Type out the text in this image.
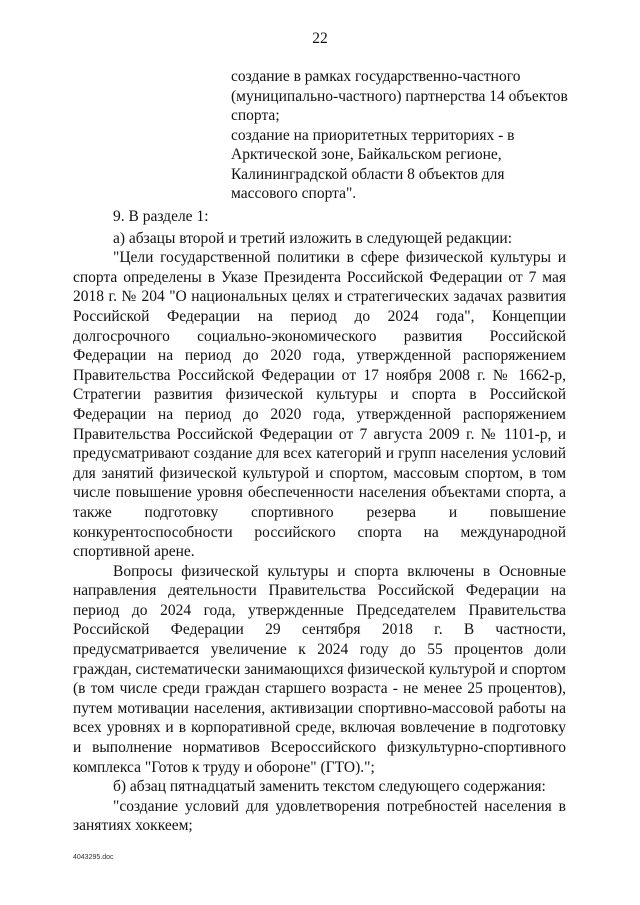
22
создание в рамках государственно-частного
(муниципально-частного) партнерства 14 объектов
спорта;
создание на приоритетных территориях - в
Арктической зоне, Байкальском регионе,
Калининградской области 8 объектов для
массового спорта".

9. В разделе 1:

а) абзацы второй и третий изложить в следующей редакции:

"Цели государственной политики в сфере физической культуры и спорта определены в Указе Президента Российской Федерации от 7 мая 2018 г. № 204 "О национальных целях и стратегических задачах развития Российской Федерации на период до 2024 года", Концепции долгосрочного социально-экономического развития Российской Федерации на период до 2020 года, утвержденной распоряжением Правительства Российской Федерации от 17 ноября 2008 г. № 1662-р, Стратегии развития физической культуры и спорта в Российской Федерации на период до 2020 года, утвержденной распоряжением Правительства Российской Федерации от 7 августа 2009 г. № 1101-р, и предусматривают создание для всех категорий и групп населения условий для занятий физической культурой и спортом, массовым спортом, в том числе повышение уровня обеспеченности населения объектами спорта, а также подготовку спортивного резерва и повышение конкурентоспособности российского спорта на международной спортивной арене.

Вопросы физической культуры и спорта включены в Основные направления деятельности Правительства Российской Федерации на период до 2024 года, утвержденные Председателем Правительства Российской Федерации 29 сентября 2018 г. В частности, предусматривается увеличение к 2024 году до 55 процентов доли граждан, систематически занимающихся физической культурой и спортом (в том числе среди граждан старшего возраста - не менее 25 процентов), путем мотивации населения, активизации спортивно-массовой работы на всех уровнях и в корпоративной среде, включая вовлечение в подготовку и выполнение нормативов Всероссийского физкультурно-спортивного комплекса "Готов к труду и обороне" (ГТО).";

б) абзац пятнадцатый заменить текстом следующего содержания:

"создание условий для удовлетворения потребностей населения в занятиях хоккеем;

4043295.doc
